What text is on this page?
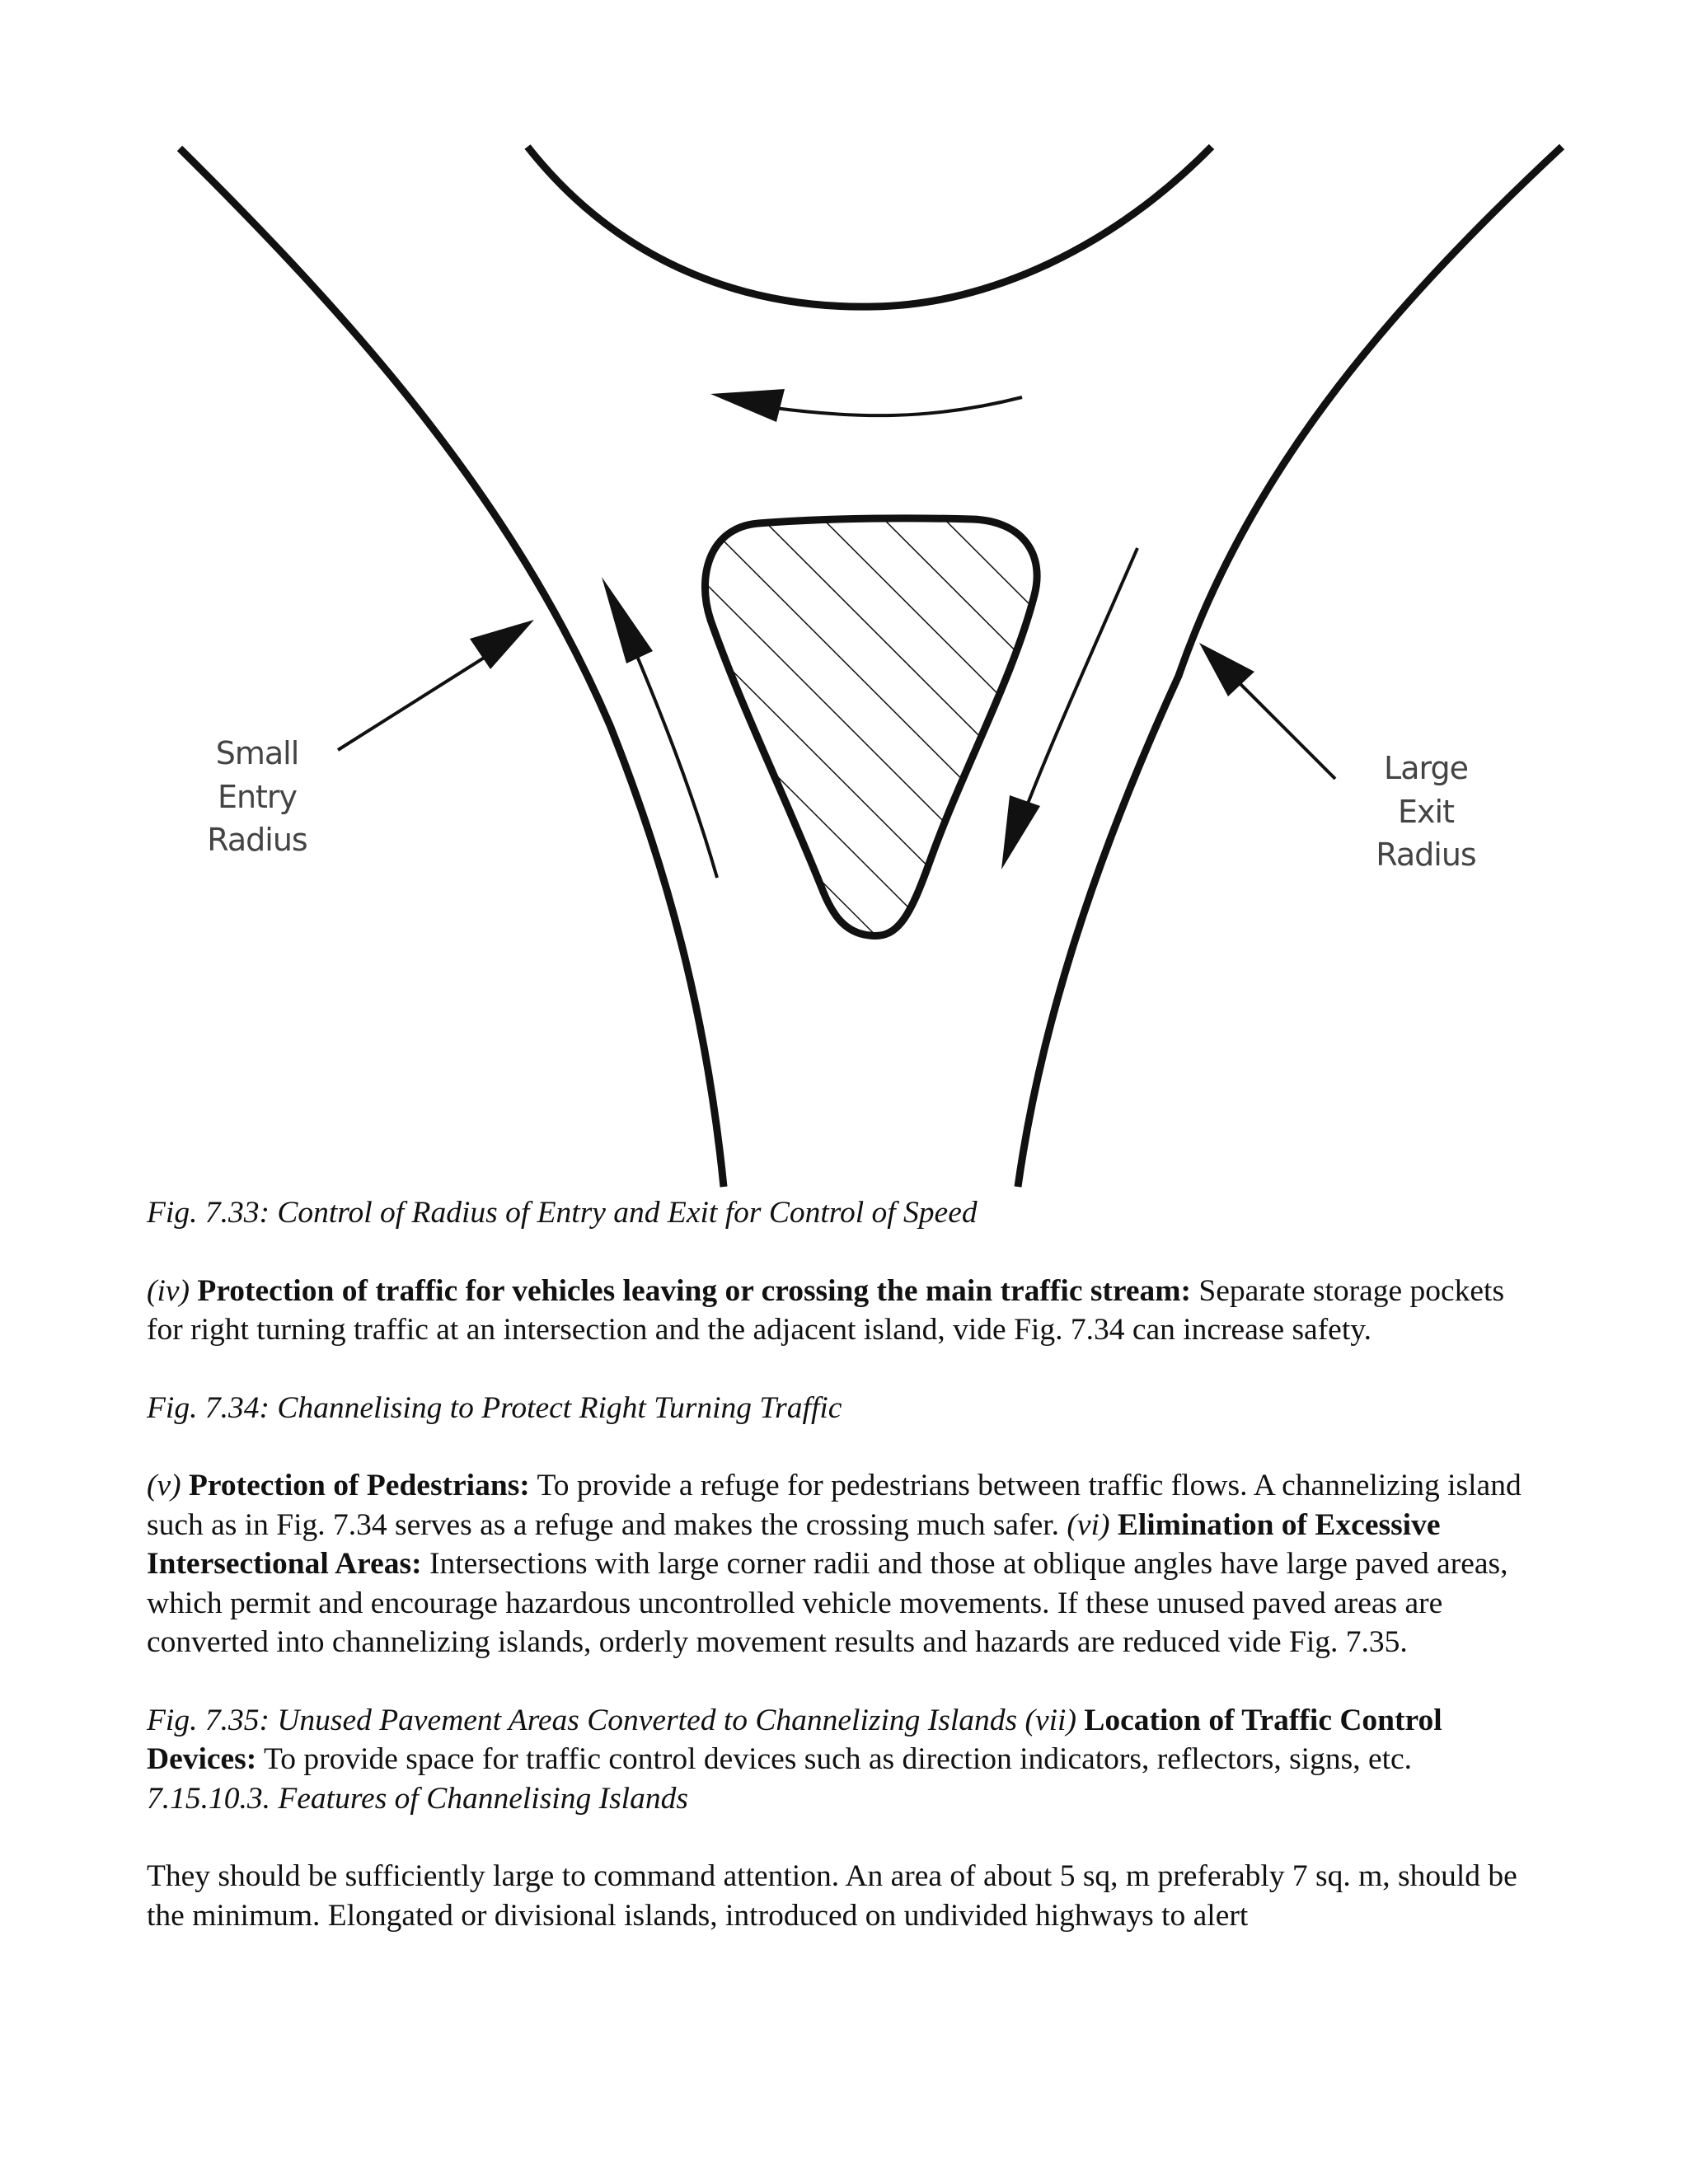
Small
Entry
Radius
Large
Exit
Radius

Fig. 7.33: Control of Radius of Entry and Exit for Control of Speed

(iv) Protection of traffic for vehicles leaving or crossing the main traffic stream: Separate storage pockets for right turning traffic at an intersection and the adjacent island, vide Fig. 7.34 can increase safety.

Fig. 7.34: Channelising to Protect Right Turning Traffic

(v) Protection of Pedestrians: To provide a refuge for pedestrians between traffic flows. A channelizing island such as in Fig. 7.34 serves as a refuge and makes the crossing much safer. (vi) Elimination of Excessive Intersectional Areas: Intersections with large corner radii and those at oblique angles have large paved areas, which permit and encourage hazardous uncontrolled vehicle movements. If these unused paved areas are converted into channelizing islands, orderly movement results and hazards are reduced vide Fig. 7.35.

Fig. 7.35: Unused Pavement Areas Converted to Channelizing Islands (vii) Location of Traffic Control Devices: To provide space for traffic control devices such as direction indicators, reflectors, signs, etc.
7.15.10.3. Features of Channelising Islands

They should be sufficiently large to command attention. An area of about 5 sq, m preferably 7 sq. m, should be the minimum. Elongated or divisional islands, introduced on undivided highways to alert
